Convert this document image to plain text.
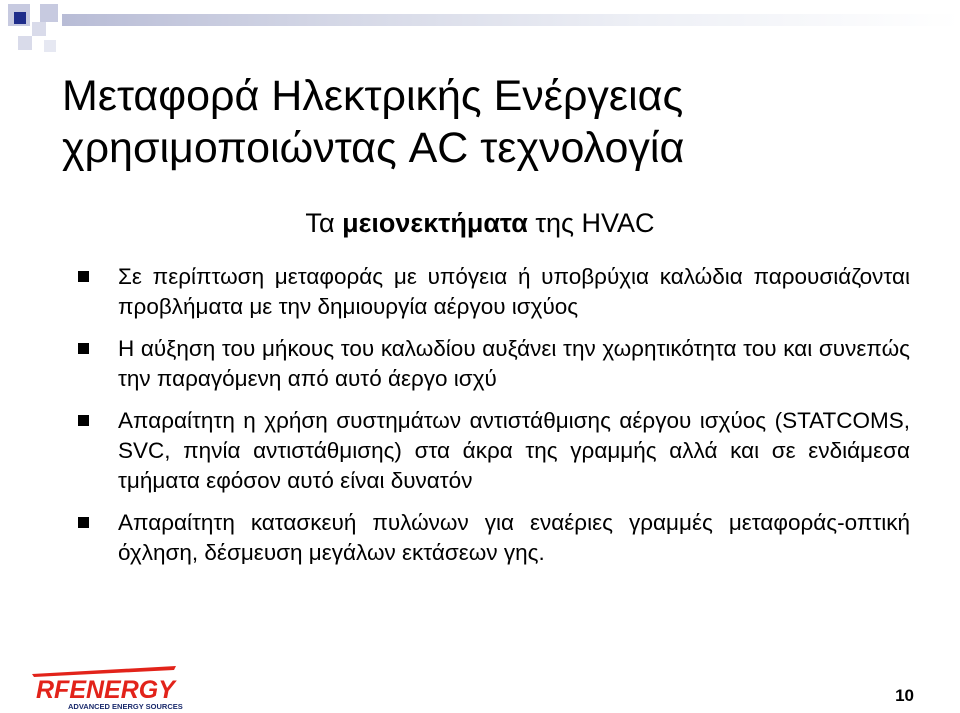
Μεταφορά Ηλεκτρικής Ενέργειας
χρησιμοποιώντας AC τεχνολογία
Τα μειονεκτήματα της HVAC
Σε περίπτωση μεταφοράς με υπόγεια ή υποβρύχια καλώδια παρουσιάζονται προβλήματα με την δημιουργία αέργου ισχύος
Η αύξηση του μήκους του καλωδίου αυξάνει την χωρητικότητα του και συνεπώς την παραγόμενη από αυτό άεργο ισχύ
Απαραίτητη η χρήση συστημάτων αντιστάθμισης αέργου ισχύος (STATCOMS, SVC, πηνία αντιστάθμισης) στα άκρα της γραμμής αλλά και σε ενδιάμεσα τμήματα εφόσον αυτό είναι δυνατόν
Απαραίτητη κατασκευή πυλώνων για εναέριες γραμμές μεταφοράς-οπτική όχληση, δέσμευση μεγάλων εκτάσεων γης.
RFENERGY
ADVANCED ENERGY SOURCES
10
